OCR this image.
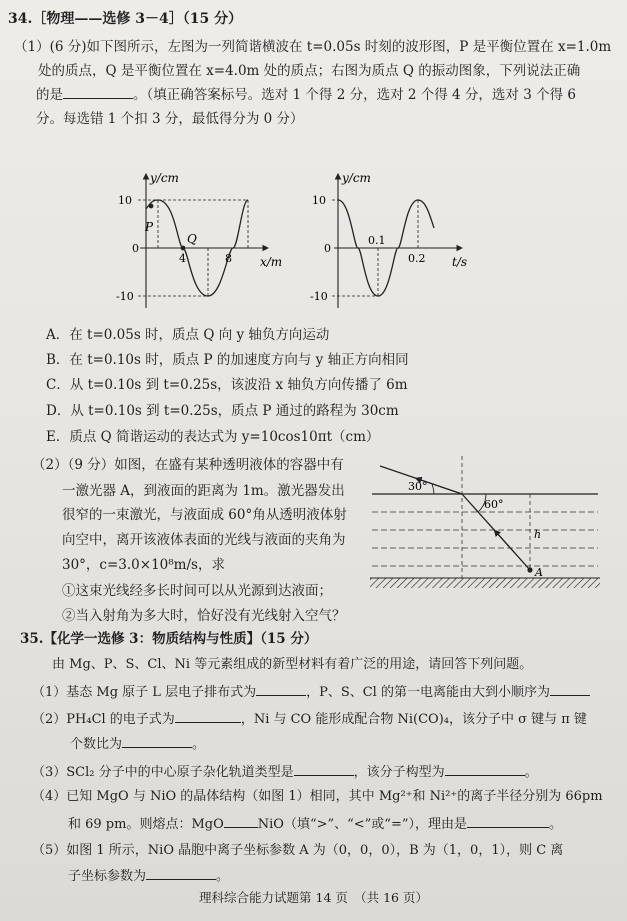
34.［物理——选修 3－4］（15 分）
（1）(6 分)如下图所示，左图为一列简谐横波在 t=0.05s 时刻的波形图，P 是平衡位置在 x=1.0m
处的质点，Q 是平衡位置在 x=4.0m 处的质点；右图为质点 Q 的振动图象，下列说法正确
的是	。（填正确答案标号。选对 1 个得 2 分，选对 2 个得 4 分，选对 3 个得 6
分。每选错 1 个扣 3 分，最低得分为 0 分）
y/cm
10
0
-10
P
Q
4	8 x/m
y/cm
10
0
-10
0.1
0.2 t/s
A．在 t=0.05s 时，质点 Q 向 y 轴负方向运动
B．在 t=0.10s 时，质点 P 的加速度方向与 y 轴正方向相同
C．从 t=0.10s 到 t=0.25s，该波沿 x 轴负方向传播了 6m
D．从 t=0.10s 到 t=0.25s，质点 P 通过的路程为 30cm
E．质点 Q 简谐运动的表达式为 y=10cos10πt（cm）
（2）（9 分）如图，在盛有某种透明液体的容器中有
一激光器 A，到液面的距离为 1m。激光器发出
很窄的一束激光，与液面成 60°角从透明液体射
向空中，离开该液体表面的光线与液面的夹角为
30°，c=3.0×10⁸m/s，求
①这束光线经多长时间可以从光源到达液面；
②当入射角为多大时，恰好没有光线射入空气？
30°
60°
h
A
35.【化学一选修 3：物质结构与性质】（15 分）
由 Mg、P、S、Cl、Ni 等元素组成的新型材料有着广泛的用途，请回答下列问题。
（1）基态 Mg 原子 L 层电子排布式为	，P、S、Cl 的第一电离能由大到小顺序为
（2）PH₄Cl 的电子式为	，Ni 与 CO 能形成配合物 Ni(CO)₄，该分子中 σ 键与 π 键
个数比为	。
（3）SCl₂ 分子中的中心原子杂化轨道类型是	，该分子构型为	。
（4）已知 MgO 与 NiO 的晶体结构（如图 1）相同，其中 Mg²⁺和 Ni²⁺的离子半径分别为 66pm
和 69 pm。则熔点：MgO	NiO（填“>”、“<”或“=”），理由是	。
（5）如图 1 所示，NiO 晶胞中离子坐标参数 A 为（0，0，0），B 为（1，0，1），则 C 离
子坐标参数为	。
理科综合能力试题第 14 页　（共 16 页）
